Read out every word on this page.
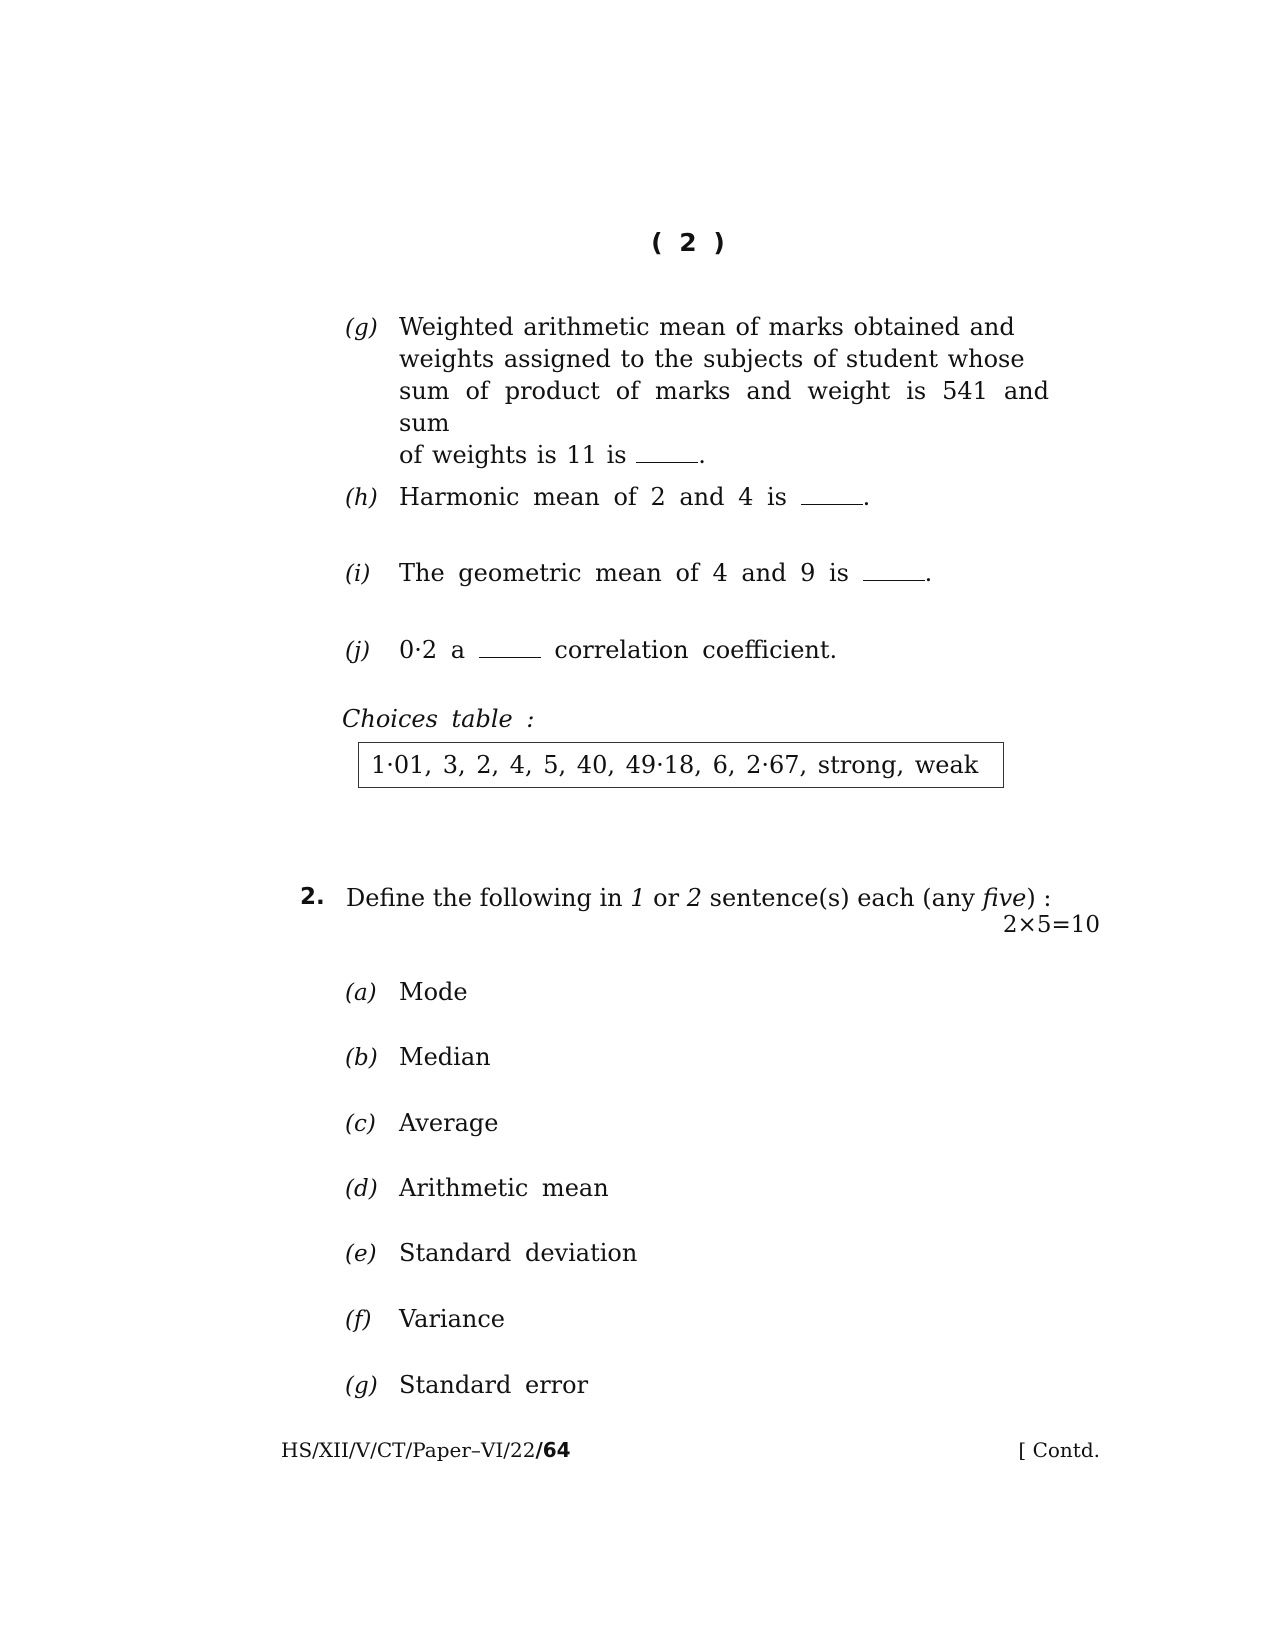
( 2 )
(g) Weighted arithmetic mean of marks obtained and
weights assigned to the subjects of student whose
sum of product of marks and weight is 541 and sum
of weights is 11 is	.
(h) Harmonic mean of 2 and 4 is	.
(i)	The geometric mean of 4 and 9 is	.
(j)	0·2 a	correlation coefficient.
Choices table :
1·01, 3, 2, 4, 5, 40, 49·18, 6, 2·67, strong, weak
2. Define the following in 1 or 2 sentence(s) each (any five) :
2×5=10
(a) Mode
(b) Median
(c) Average
(d) Arithmetic mean
(e) Standard deviation
(f)	Variance
(g) Standard error
HS/XII/V/CT/Paper–VI/22/64	[ Contd.
